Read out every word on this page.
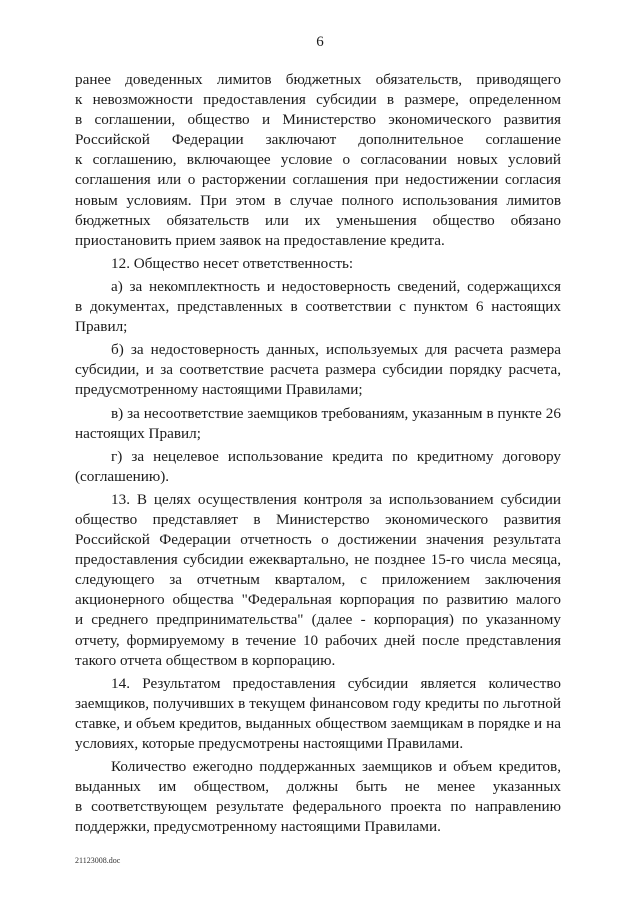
6
ранее доведенных лимитов бюджетных обязательств, приводящего
к невозможности предоставления субсидии в размере, определенном
в соглашении, общество и Министерство экономического развития
Российской Федерации заключают дополнительное соглашение
к соглашению, включающее условие о согласовании новых условий
соглашения или о расторжении соглашения при недостижении согласия
новым условиям. При этом в случае полного использования лимитов
бюджетных обязательств или их уменьшения общество обязано
приостановить прием заявок на предоставление кредита.
12. Общество несет ответственность:
а) за некомплектность и недостоверность сведений, содержащихся
в документах, представленных в соответствии с пунктом 6 настоящих
Правил;
б) за недостоверность данных, используемых для расчета размера
субсидии, и за соответствие расчета размера субсидии порядку расчета,
предусмотренному настоящими Правилами;
в) за несоответствие заемщиков требованиям, указанным в пункте 26
настоящих Правил;
г) за нецелевое использование кредита по кредитному договору
(соглашению).
13. В целях осуществления контроля за использованием субсидии
общество представляет в Министерство экономического развития
Российской Федерации отчетность о достижении значения результата
предоставления субсидии ежеквартально, не позднее 15-го числа месяца,
следующего за отчетным кварталом, с приложением заключения
акционерного общества "Федеральная корпорация по развитию малого
и среднего предпринимательства" (далее - корпорация) по указанному
отчету, формируемому в течение 10 рабочих дней после представления
такого отчета обществом в корпорацию.
14. Результатом предоставления субсидии является количество
заемщиков, получивших в текущем финансовом году кредиты по льготной
ставке, и объем кредитов, выданных обществом заемщикам в порядке и на
условиях, которые предусмотрены настоящими Правилами.
Количество ежегодно поддержанных заемщиков и объем кредитов,
выданных им обществом, должны быть не менее указанных
в соответствующем результате федерального проекта по направлению
поддержки, предусмотренному настоящими Правилами.
21123008.doc
